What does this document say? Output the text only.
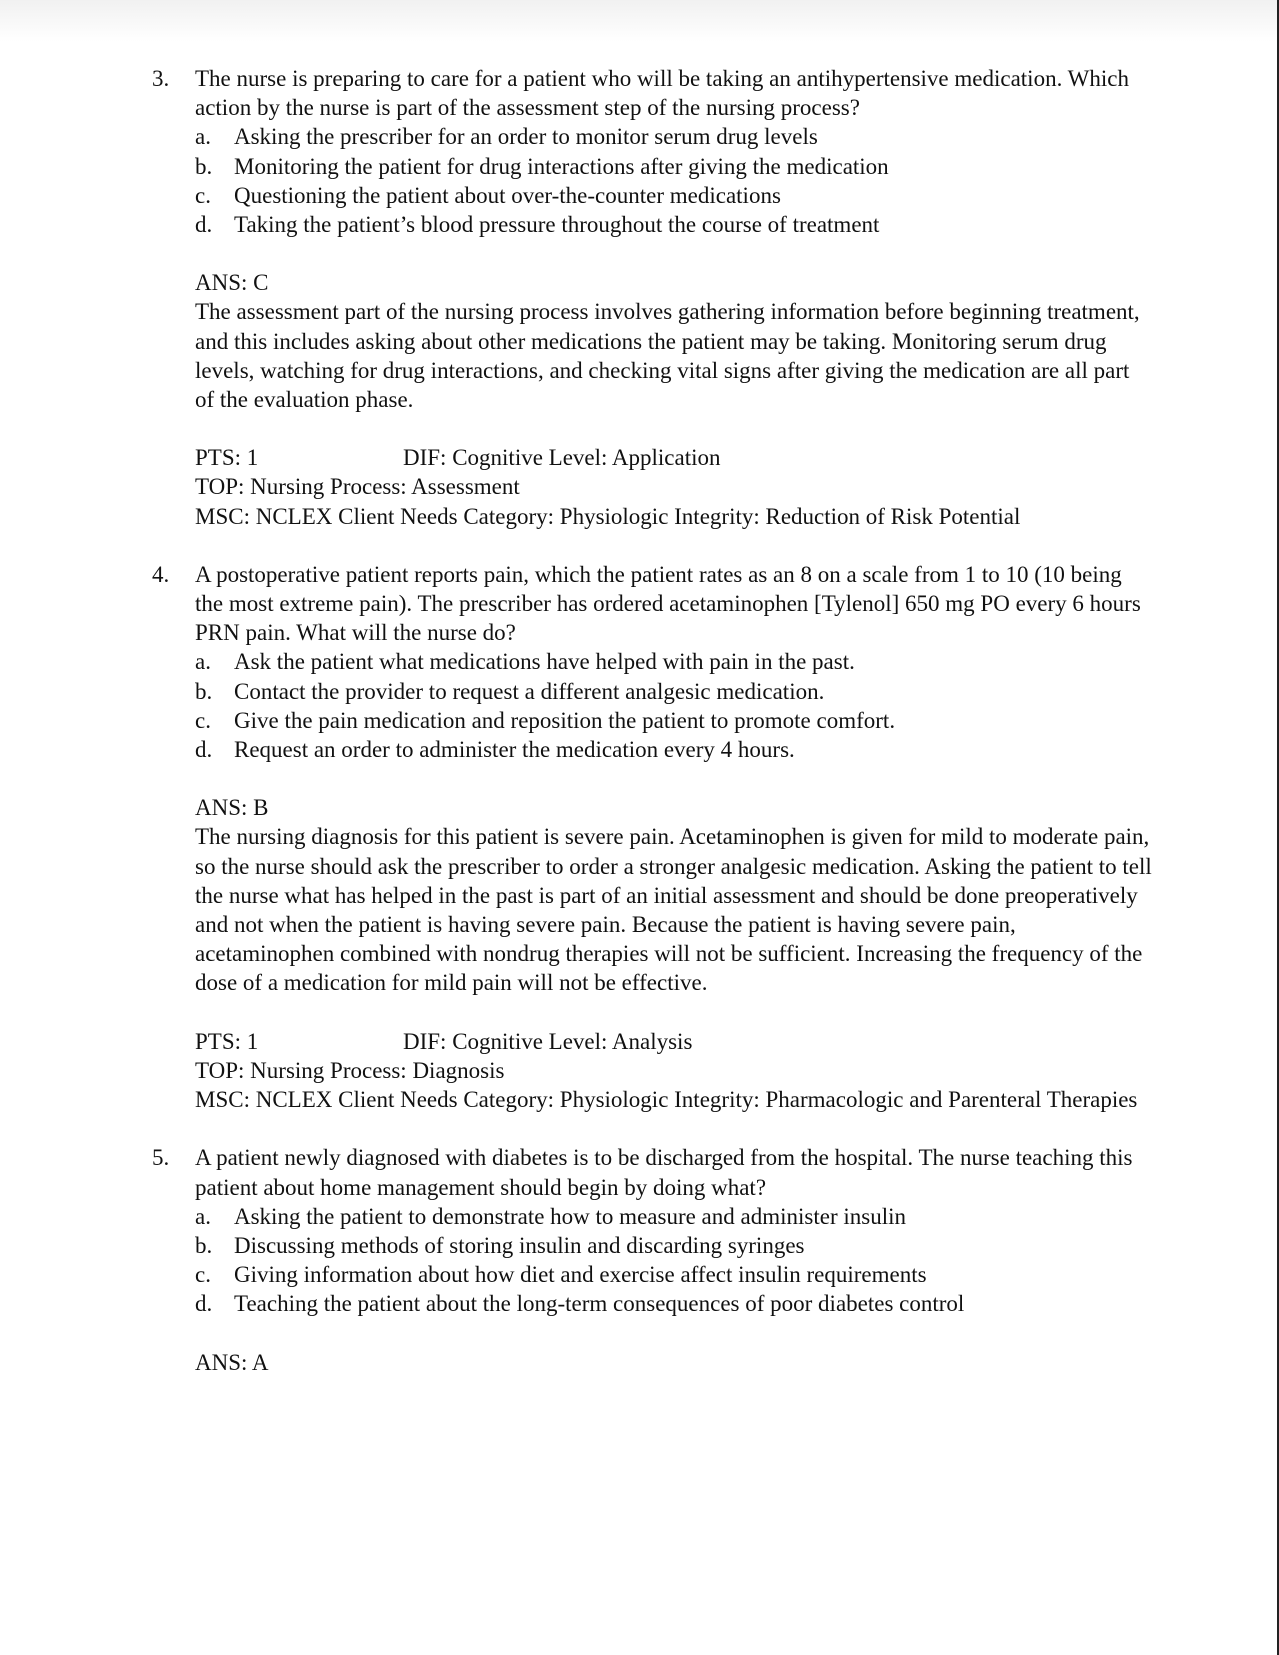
3.	The nurse is preparing to care for a patient who will be taking an antihypertensive medication. Which action by the nurse is part of the assessment step of the nursing process?
a.	Asking the prescriber for an order to monitor serum drug levels
b. Monitoring the patient for drug interactions after giving the medication
c.	Questioning the patient about over-the-counter medications
d. Taking the patient’s blood pressure throughout the course of treatment
ANS: C
The assessment part of the nursing process involves gathering information before beginning treatment, and this includes asking about other medications the patient may be taking. Monitoring serum drug levels, watching for drug interactions, and checking vital signs after giving the medication are all part of the evaluation phase.
PTS: 1	DIF: Cognitive Level: Application
TOP: Nursing Process: Assessment
MSC: NCLEX Client Needs Category: Physiologic Integrity: Reduction of Risk Potential
4.	A postoperative patient reports pain, which the patient rates as an 8 on a scale from 1 to 10 (10 being the most extreme pain). The prescriber has ordered acetaminophen [Tylenol] 650 mg PO every 6 hours PRN pain. What will the nurse do?
a.	Ask the patient what medications have helped with pain in the past.
b. Contact the provider to request a different analgesic medication.
c.	Give the pain medication and reposition the patient to promote comfort.
d. Request an order to administer the medication every 4 hours.
ANS: B
The nursing diagnosis for this patient is severe pain. Acetaminophen is given for mild to moderate pain, so the nurse should ask the prescriber to order a stronger analgesic medication. Asking the patient to tell the nurse what has helped in the past is part of an initial assessment and should be done preoperatively and not when the patient is having severe pain. Because the patient is having severe pain, acetaminophen combined with nondrug therapies will not be sufficient. Increasing the frequency of the dose of a medication for mild pain will not be effective.
PTS: 1	DIF: Cognitive Level: Analysis
TOP: Nursing Process: Diagnosis
MSC: NCLEX Client Needs Category: Physiologic Integrity: Pharmacologic and Parenteral Therapies
5.	A patient newly diagnosed with diabetes is to be discharged from the hospital. The nurse teaching this patient about home management should begin by doing what?
a.	Asking the patient to demonstrate how to measure and administer insulin
b. Discussing methods of storing insulin and discarding syringes
c.	Giving information about how diet and exercise affect insulin requirements
d. Teaching the patient about the long-term consequences of poor diabetes control
ANS: A
